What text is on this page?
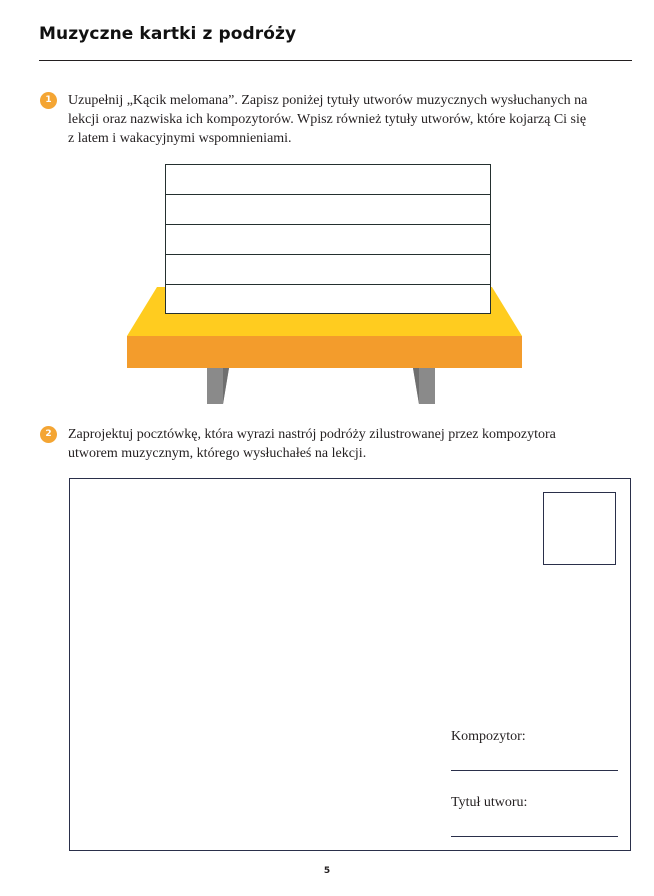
Muzyczne kartki z podróży
1	Uzupełnij „Kącik melomana”. Zapisz poniżej tytuły utworów muzycznych wysłuchanych na
lekcji oraz nazwiska ich kompozytorów. Wpisz również tytuły utworów, które kojarzą Ci się
z latem i wakacyjnymi wspomnieniami.
2	Zaprojektuj pocztówkę, która wyrazi nastrój podróży zilustrowanej przez kompozytora
utworem muzycznym, którego wysłuchałeś na lekcji.
Kompozytor:
Tytuł utworu:
5
